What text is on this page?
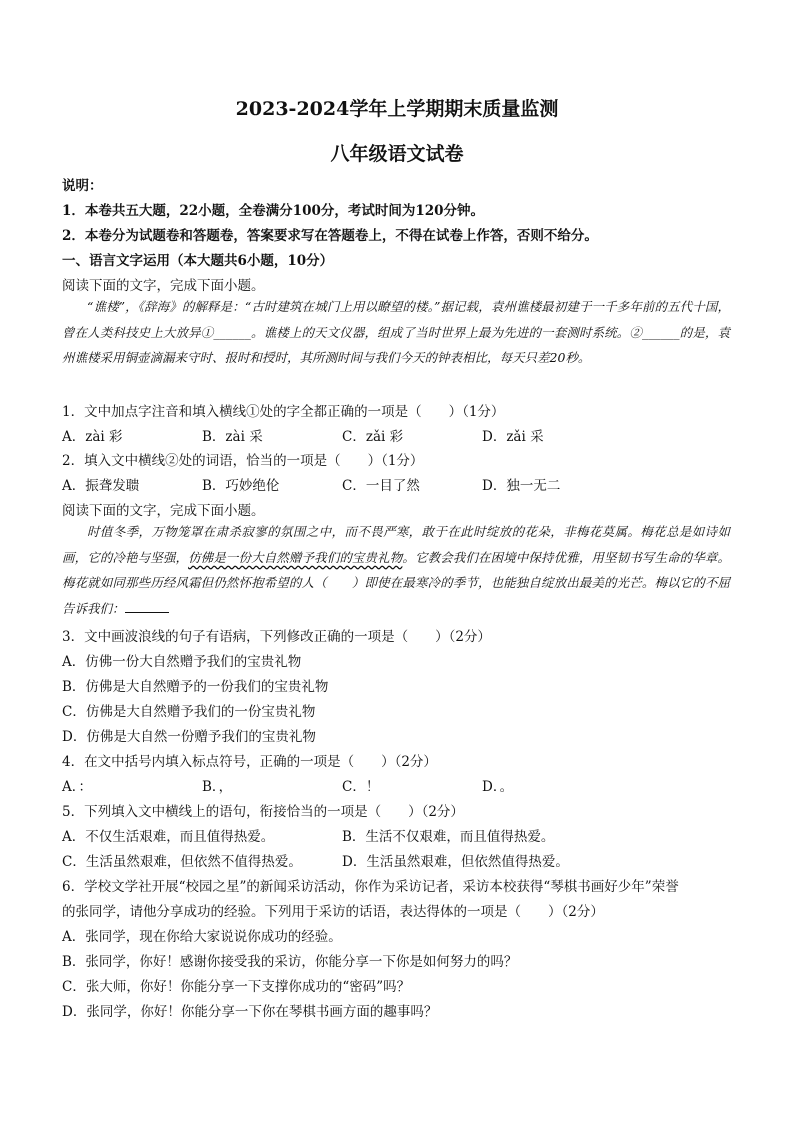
2023-2024学年上学期期末质量监测
八年级语文试卷
说明：
1．本卷共五大题，22小题，全卷满分100分，考试时间为120分钟。
2．本卷分为试题卷和答题卷，答案要求写在答题卷上，不得在试卷上作答，否则不给分。
一、语言文字运用（本大题共6小题，10分）
阅读下面的文字，完成下面小题。

“谯楼”，《辞海》的解释是：“古时建筑在城门上用以瞭望的楼。”据记载，袁州谯楼最初建于一千多年前的五代十国，曾在人类科技史上大放异①______。谯楼上的天文仪器，组成了当时世界上最为先进的一套测时系统。②______的是，袁州谯楼采用铜壶滴漏来守时、报时和授时，其所测时间与我们今天的钟表相比，每天只差20秒。

1．文中加点字注音和填入横线①处的字全都正确的一项是（　　）（1分）
A．zài 彩	B．zài 采	C．zǎi 彩	D．zǎi 采
2．填入文中横线②处的词语，恰当的一项是（　　）（1分）
A．振聋发聩	B．巧妙绝伦	C．一目了然	D．独一无二
阅读下面的文字，完成下面小题。

时值冬季，万物笼罩在肃杀寂寥的氛围之中，而不畏严寒，敢于在此时绽放的花朵，非梅花莫属。梅花总是如诗如画，它的冷艳与坚强，仿佛是一份大自然赠予我们的宝贵礼物。它教会我们在困境中保持优雅，用坚韧书写生命的华章。梅花就如同那些历经风霜但仍然怀抱希望的人（　　）即使在最寒冷的季节，也能独自绽放出最美的光芒。梅以它的不屈告诉我们：

3．文中画波浪线的句子有语病，下列修改正确的一项是（　　）（2分）
A．仿佛一份大自然赠予我们的宝贵礼物
B．仿佛是大自然赠予的一份我们的宝贵礼物
C．仿佛是大自然赠予我们的一份宝贵礼物
D．仿佛是大自然一份赠予我们的宝贵礼物
4．在文中括号内填入标点符号，正确的一项是（　　）（2分）
A．：	B．，	C．！	D．。
5．下列填入文中横线上的语句，衔接恰当的一项是（　　）（2分）
A．不仅生活艰难，而且值得热爱。	B．生活不仅艰难，而且值得热爱。
C．生活虽然艰难，但依然不值得热爱。	D．生活虽然艰难，但依然值得热爱。
6．学校文学社开展“校园之星”的新闻采访活动，你作为采访记者，采访本校获得“琴棋书画好少年”荣誉
的张同学，请他分享成功的经验。下列用于采访的话语，表达得体的一项是（　　）（2分）
A．张同学，现在你给大家说说你成功的经验。
B．张同学，你好！感谢你接受我的采访，你能分享一下你是如何努力的吗？
C．张大师，你好！你能分享一下支撑你成功的“密码”吗？
D．张同学，你好！你能分享一下你在琴棋书画方面的趣事吗？
